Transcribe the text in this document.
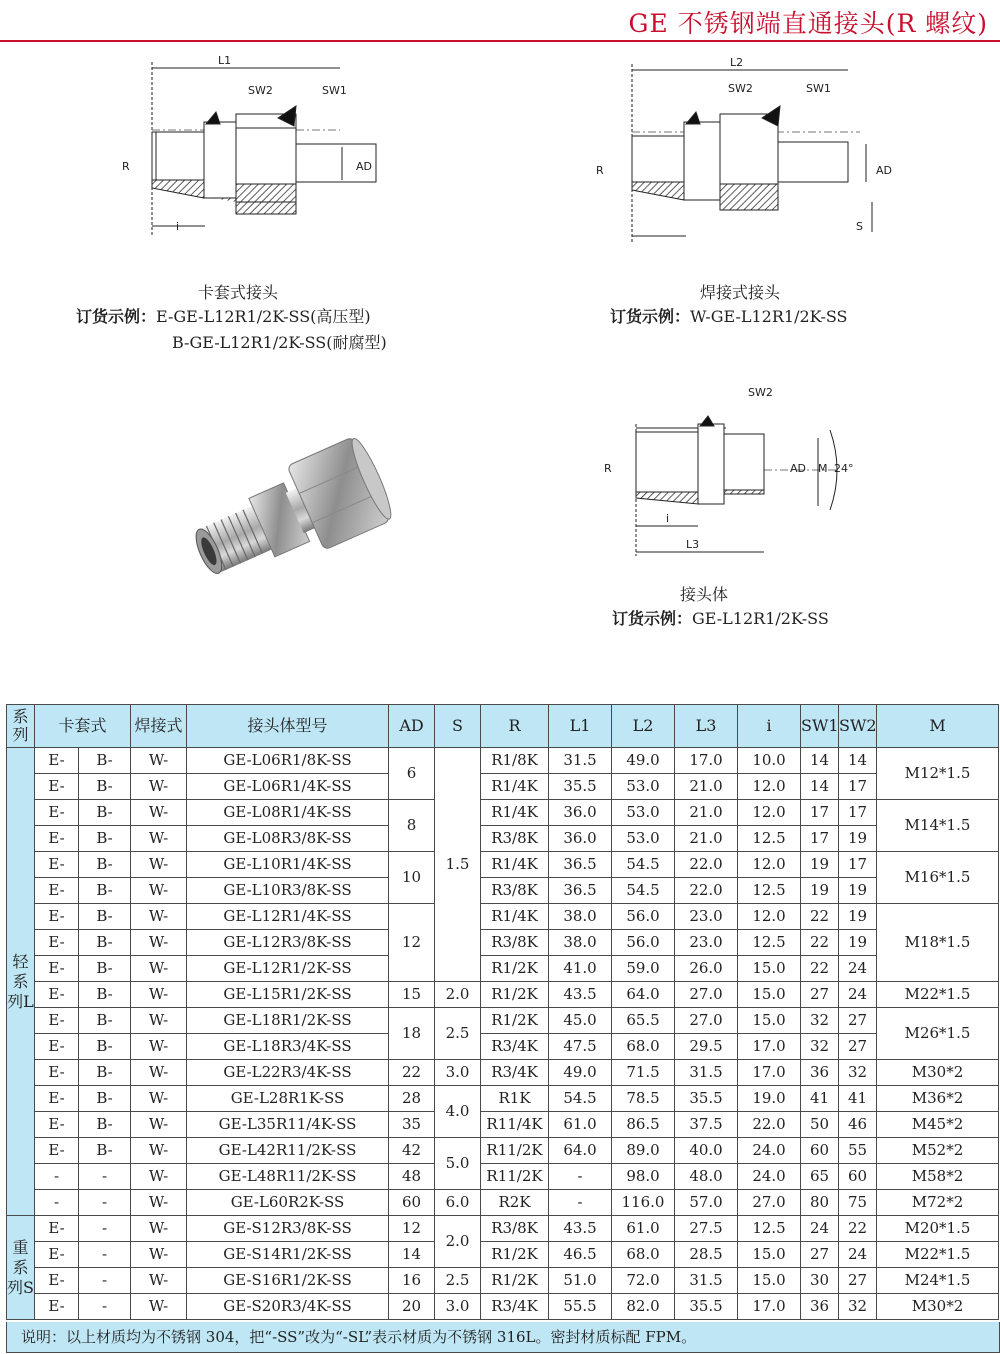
GE 不锈钢端直通接头(R 螺纹)
L1
SW2	SW1
R	AD
i
卡套式接头
订货示例：E-GE-L12R1/2K-SS(高压型)
B-GE-L12R1/2K-SS(耐腐型)
L2
SW2	SW1
R	AD
S
焊接式接头
订货示例：W-GE-L12R1/2K-SS
SW2
R	AD M 24°
i
L3
接头体
订货示例：GE-L12R1/2K-SS
系列	卡套式		焊接式	接头体型号	AD	S	R	L1	L2	L3	i	SW1	SW2	M
轻系列L	E-	B-	W-	GE-L06R1/8K-SS	6	1.5	R1/8K	31.5	49.0	17.0	10.0	14	14	M12*1.5
	E-	B-	W-	GE-L06R1/4K-SS			R1/4K	35.5	53.0	21.0	12.0	14	17	
	E-	B-	W-	GE-L08R1/4K-SS	8		R1/4K	36.0	53.0	21.0	12.0	17	17	M14*1.5
	E-	B-	W-	GE-L08R3/8K-SS			R3/8K	36.0	53.0	21.0	12.5	17	19	
	E-	B-	W-	GE-L10R1/4K-SS	10		R1/4K	36.5	54.5	22.0	12.0	19	17	M16*1.5
	E-	B-	W-	GE-L10R3/8K-SS			R3/8K	36.5	54.5	22.0	12.5	19	19	
	E-	B-	W-	GE-L12R1/4K-SS	12		R1/4K	38.0	56.0	23.0	12.0	22	19	M18*1.5
	E-	B-	W-	GE-L12R3/8K-SS			R3/8K	38.0	56.0	23.0	12.5	22	19	
	E-	B-	W-	GE-L12R1/2K-SS			R1/2K	41.0	59.0	26.0	15.0	22	24	
	E-	B-	W-	GE-L15R1/2K-SS	15	2.0	R1/2K	43.5	64.0	27.0	15.0	27	24	M22*1.5
	E-	B-	W-	GE-L18R1/2K-SS	18	2.5	R1/2K	45.0	65.5	27.0	15.0	32	27	M26*1.5
	E-	B-	W-	GE-L18R3/4K-SS			R3/4K	47.5	68.0	29.5	17.0	32	27	
	E-	B-	W-	GE-L22R3/4K-SS	22	3.0	R3/4K	49.0	71.5	31.5	17.0	36	32	M30*2
	E-	B-	W-	GE-L28R1K-SS	28	4.0	R1K	54.5	78.5	35.5	19.0	41	41	M36*2
	E-	B-	W-	GE-L35R11/4K-SS	35		R11/4K	61.0	86.5	37.5	22.0	50	46	M45*2
	E-	B-	W-	GE-L42R11/2K-SS	42	5.0	R11/2K	64.0	89.0	40.0	24.0	60	55	M52*2
	-	-	W-	GE-L48R11/2K-SS	48		R11/2K	-	98.0	48.0	24.0	65	60	M58*2
	-	-	W-	GE-L60R2K-SS	60	6.0	R2K	-	116.0	57.0	27.0	80	75	M72*2
重系列S	E-	-	W-	GE-S12R3/8K-SS	12	2.0	R3/8K	43.5	61.0	27.5	12.5	24	22	M20*1.5
	E-	-	W-	GE-S14R1/2K-SS	14		R1/2K	46.5	68.0	28.5	15.0	27	24	M22*1.5
	E-	-	W-	GE-S16R1/2K-SS	16	2.5	R1/2K	51.0	72.0	31.5	15.0	30	27	M24*1.5
	E-	-	W-	GE-S20R3/4K-SS	20	3.0	R3/4K	55.5	82.0	35.5	17.0	36	32	M30*2
说明：以上材质均为不锈钢 304，把“-SS”改为“-SL”表示材质为不锈钢 316L。密封材质标配 FPM。
